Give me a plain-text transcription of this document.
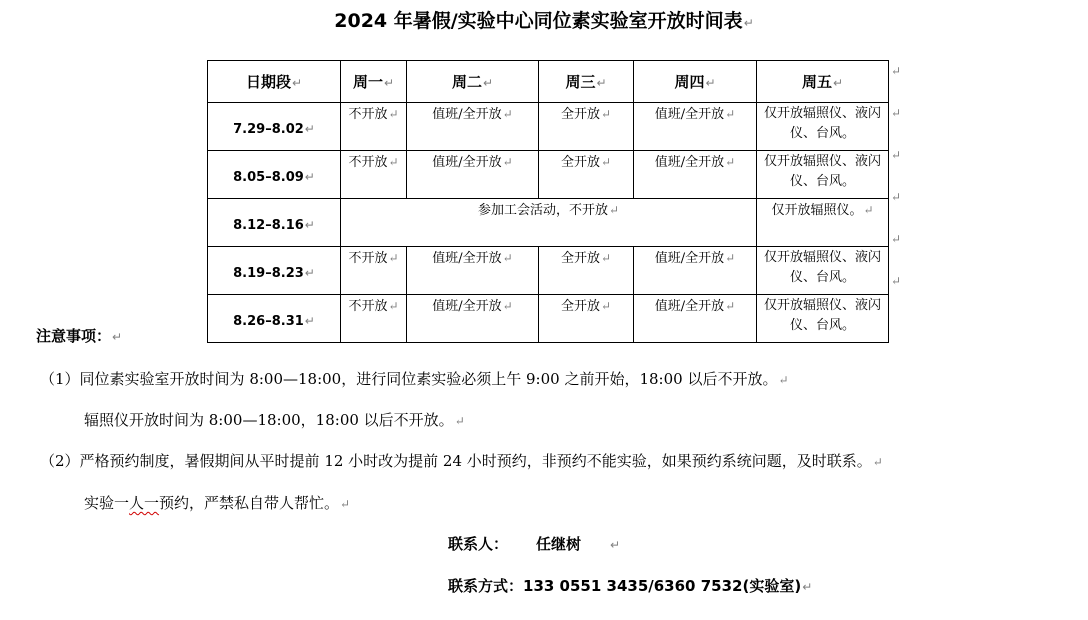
2024 年暑假/实验中心同位素实验室开放时间表↵
日期段↵	周一↵	周二↵	周三↵	周四↵	周五↵
7.29–8.02↵	不开放↵	值班/全开放↵	全开放↵	值班/全开放↵	仅开放辐照仪、液闪仪、台风。
8.05–8.09↵	不开放↵	值班/全开放↵	全开放↵	值班/全开放↵	仅开放辐照仪、液闪仪、台风。
8.12–8.16↵	参加工会活动，不开放↵				仅开放辐照仪。↵
8.19–8.23↵	不开放↵	值班/全开放↵	全开放↵	值班/全开放↵	仅开放辐照仪、液闪仪、台风。
8.26–8.31↵	不开放↵	值班/全开放↵	全开放↵	值班/全开放↵	仅开放辐照仪、液闪仪、台风。
↵
↵
↵
↵
↵
↵
注意事项：↵
（1）同位素实验室开放时间为 8:00—18:00，进行同位素实验必须上午 9:00 之前开始，18:00 以后不开放。↵
辐照仪开放时间为 8:00—18:00，18:00 以后不开放。↵
（2）严格预约制度，暑假期间从平时提前 12 小时改为提前 24 小时预约，非预约不能实验，如果预约系统问题，及时联系。↵
实验一人一预约，严禁私自带人帮忙。↵
联系人： 任继树 ↵
联系方式：133 0551 3435/6360 7532(实验室)↵
